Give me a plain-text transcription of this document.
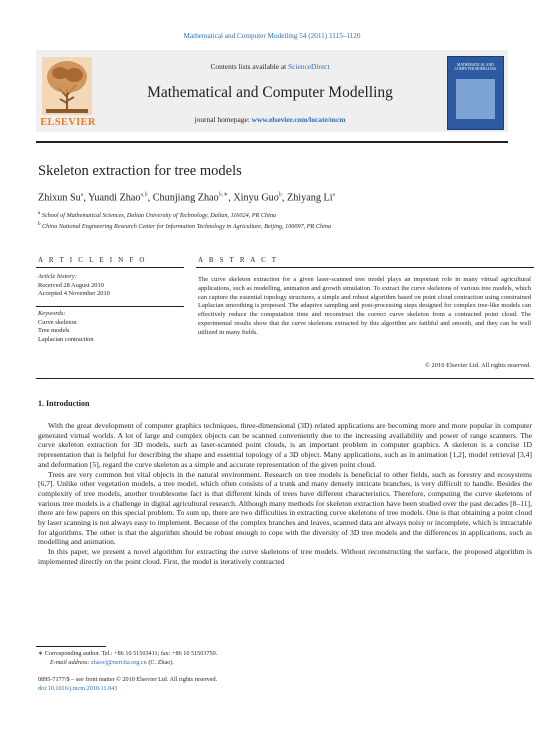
Mathematical and Computer Modelling 54 (2011) 1115–1120
ELSEVIER
Contents lists available at ScienceDirect
Mathematical and Computer Modelling
journal homepage: www.elsevier.com/locate/mcm
MATHEMATICAL AND COMPUTER MODELLING
Skeleton extraction for tree models
Zhixun Su$^a$, Yuandi Zhao$^{a,b}$, Chunjiang Zhao$^{b,∗}$, Xinyu Guo$^b$, Zhiyang Li$^a$
$^a$ School of Mathematical Sciences, Dalian University of Technology, Dalian, 116024, PR China
$^b$ China National Engineering Research Center for Information Technology in Agriculture, Beijing, 100097, PR China
A R T I C L E I N F O	A B S T R A C T
Article history:
Received 28 August 2010
Accepted 4 November 2010
Keywords:
Curve skeleton
Tree models
Laplacian contraction
The curve skeleton extraction for a given laser-scanned tree model plays an important role in many virtual agricultural applications, such as modelling, animation and growth simulation. To extract the curve skeletons of various tree models, which can capture the essential topology structures, a simple and robust algorithm based on point cloud contraction using constrained Laplacian smoothing is proposed. The adaptive sampling and post-processing steps designed for complex tree-like models can effectively reduce the computation time and reconstruct the correct curve skeleton from a contracted point cloud. The experimental results show that the curve skeletons extracted by this algorithm are faithful and smooth, and they can be well utilized in many fields.
© 2010 Elsevier Ltd. All rights reserved.
1. Introduction

With the great development of computer graphics techniques, three-dimensional (3D) related applications are becoming more and more popular in computer generated virtual worlds. A lot of large and complex objects can be scanned conveniently due to the increasing availability and power of range scanners. The curve skeleton extraction for 3D models, such as laser-scanned point clouds, is an important problem in computer graphics. A skeleton is a concise 1D representation that is helpful for describing the shape and essential topology of a 3D object. Many applications, such as in animation [1,2], model retrieval [3,4] and deformation [5], regard the curve skeleton as a simple and accurate representation of the given point cloud.

Trees are very common but vital objects in the natural environment. Research on tree models is beneficial to other fields, such as forestry and ecosystems [6,7]. Unlike other vegetation models, a tree model, which often consists of a trunk and many densely intricate branches, is very difficult to handle. Besides the complexity of tree models, another troublesome fact is that different kinds of trees have different characteristics. Therefore, computing the curve skeletons of various tree models is a challenge in digital agricultural research. Although many methods for skeleton extraction have been studied over the past decades [8–11], there are few papers on this special problem. To sum up, there are two difficulties in extracting curve skeletons of tree models. One is that obtaining a point cloud by laser scanning is not always easy to implement. Because of the complex branches and leaves, scanned data are always noisy or incomplete, which is intractable for algorithms. The other is that the algorithm should be robust enough to cope with the diversity of 3D tree models and the differences in applications, such as modelling and animation.

In this paper, we present a novel algorithm for extracting the curve skeletons of tree models. Without reconstructing the surface, the proposed algorithm is implemented directly on the point cloud. First, the model is iteratively contracted

∗ Corresponding author. Tel.: +86 10 51503411; fax: +86 10 51503750.
E-mail address: zhaocj@nercita.org.cn (C. Zhao).
0895-7177/$ – see front matter © 2010 Elsevier Ltd. All rights reserved.
doi:10.1016/j.mcm.2010.11.043
